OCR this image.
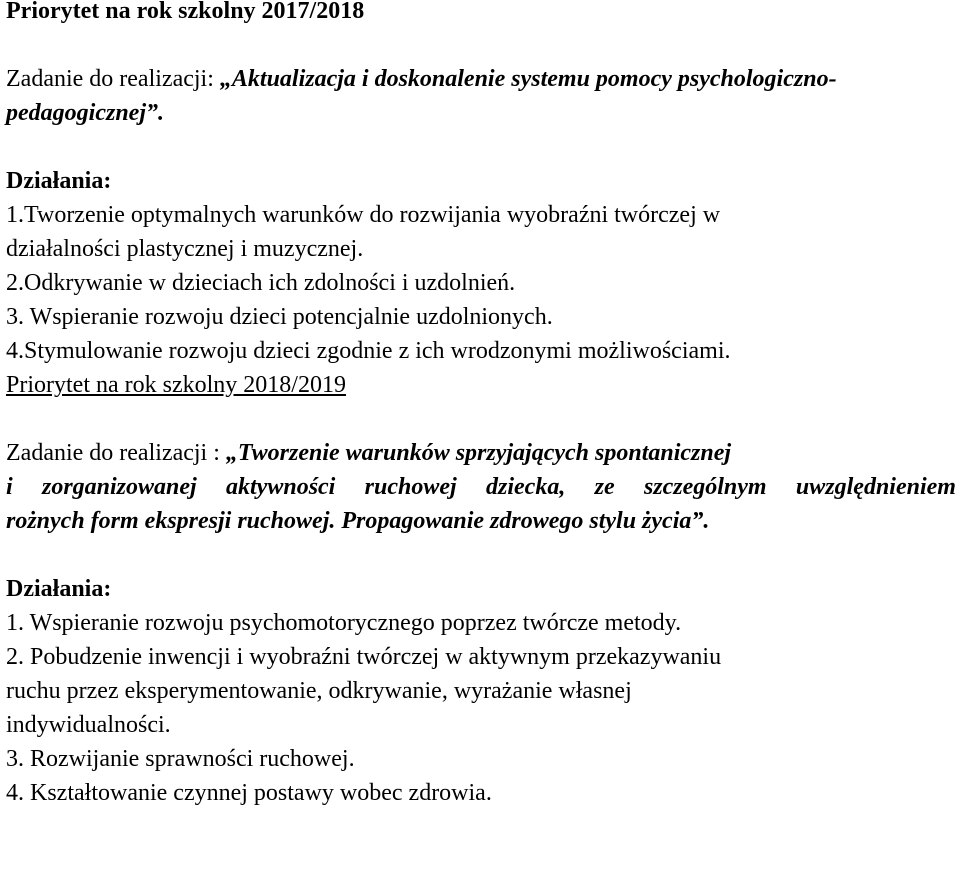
Priorytet na rok szkolny 2017/2018

Zadanie do realizacji: „Aktualizacja i doskonalenie systemu pomocy psychologiczno-

pedagogicznej”.

Działania:

1.Tworzenie optymalnych warunków do rozwijania wyobraźni twórczej w

działalności plastycznej i muzycznej.

2.Odkrywanie w dzieciach ich zdolności i uzdolnień.

3. Wspieranie rozwoju dzieci potencjalnie uzdolnionych.

4.Stymulowanie rozwoju dzieci zgodnie z ich wrodzonymi możliwościami.

Priorytet na rok szkolny 2018/2019

Zadanie do realizacji : „Tworzenie warunków sprzyjających spontanicznej

i zorganizowanej aktywności ruchowej dziecka, ze szczególnym uwzględnieniem

rożnych form ekspresji ruchowej. Propagowanie zdrowego stylu życia”.

Działania:

1. Wspieranie rozwoju psychomotorycznego poprzez twórcze metody.

2. Pobudzenie inwencji i wyobraźni twórczej w aktywnym przekazywaniu

ruchu przez eksperymentowanie, odkrywanie, wyrażanie własnej

indywidualności.

3. Rozwijanie sprawności ruchowej.

4. Kształtowanie czynnej postawy wobec zdrowia.
